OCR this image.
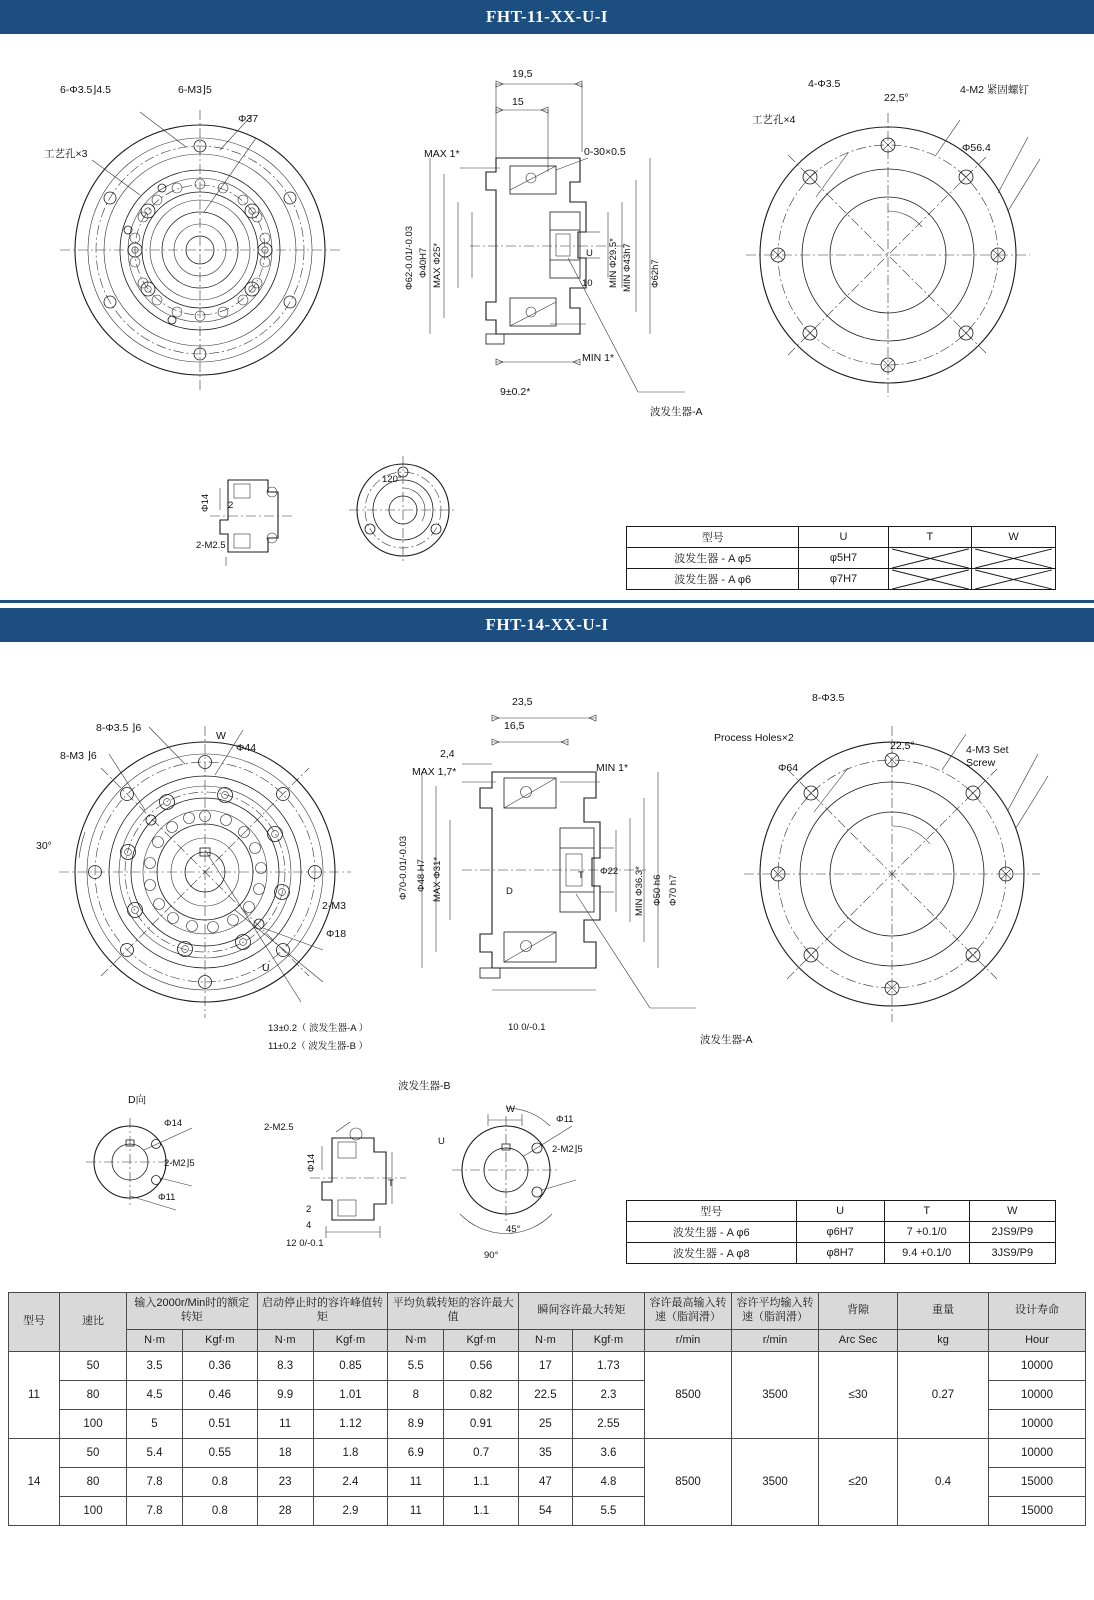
FHT-11-XX-U-I
6-Φ3.5⌋4.5	6-M3⌋5
Φ37
工艺孔×3
19,5
15
MAX 1*	0-30×0.5
Φ62-0.01/-0.03 Φ40H7 MAX Φ25*	MIN Φ29.5* MIN Φ43h7 Φ62h7
U
10
MIN 1*
9±0.2*
波发生器-A
4-Φ3.5
22,5°
4-M2 紧固螺钉
工艺孔×4
Φ56.4
Φ14 2
2-M2.5
120°
型号	U	T	W
波发生器 - A φ5	φ5H7		
波发生器 - A φ6	φ7H7		
FHT-14-XX-U-I
8-Φ3.5 ⌋6
8-M3 ⌋6
W
Φ44
30°
2-M3
Φ18
U
23,5
16,5
2,4
MAX 1,7*	MIN 1*
Φ70-0.01/-0.03 Φ48 H7 MAX Φ31*	D
T Φ22 MIN Φ36.3* Φ50 h6 Φ70 h7
13±0.2（ 波发生器-A ）
11±0.2（ 波发生器-B ）
10 0/-0.1
波发生器-A
8-Φ3.5
22,5°	4-M3 Set Screw
Process Holes×2
Φ64
D向
Φ14
2-M2⌋5
Φ11
2-M2.5
Φ14
T
2
4
12 0/-0.1
波发生器-B
W
U
Φ11
2-M2⌋5
45°
90°
型号	U	T	W
波发生器 - A φ6	φ6H7	7 +0.1/0	2JS9/P9
波发生器 - A φ8	φ8H7	9.4 +0.1/0	3JS9/P9
型号	速比	输入2000r/Min时的额定转矩		启动停止时的容许峰值转矩		平均负载转矩的容许最大值		瞬间容许最大转矩		容许最高输入转速（脂润滑）	容许平均输入转速（脂润滑）	背隙	重量	设计寿命
		N·m	Kgf·m	N·m	Kgf·m	N·m	Kgf·m	N·m	Kgf·m	r/min	r/min	Arc Sec	kg	Hour
11	50	3.5	0.36	8.3	0.85	5.5	0.56	17	1.73	8500	3500	≤30	0.27	10000
	80	4.5	0.46	9.9	1.01	8	0.82	22.5	2.3					10000
	100	5	0.51	11	1.12	8.9	0.91	25	2.55					10000
14	50	5.4	0.55	18	1.8	6.9	0.7	35	3.6	8500	3500	≤20	0.4	10000
	80	7.8	0.8	23	2.4	11	1.1	47	4.8					15000
	100	7.8	0.8	28	2.9	11	1.1	54	5.5					15000
